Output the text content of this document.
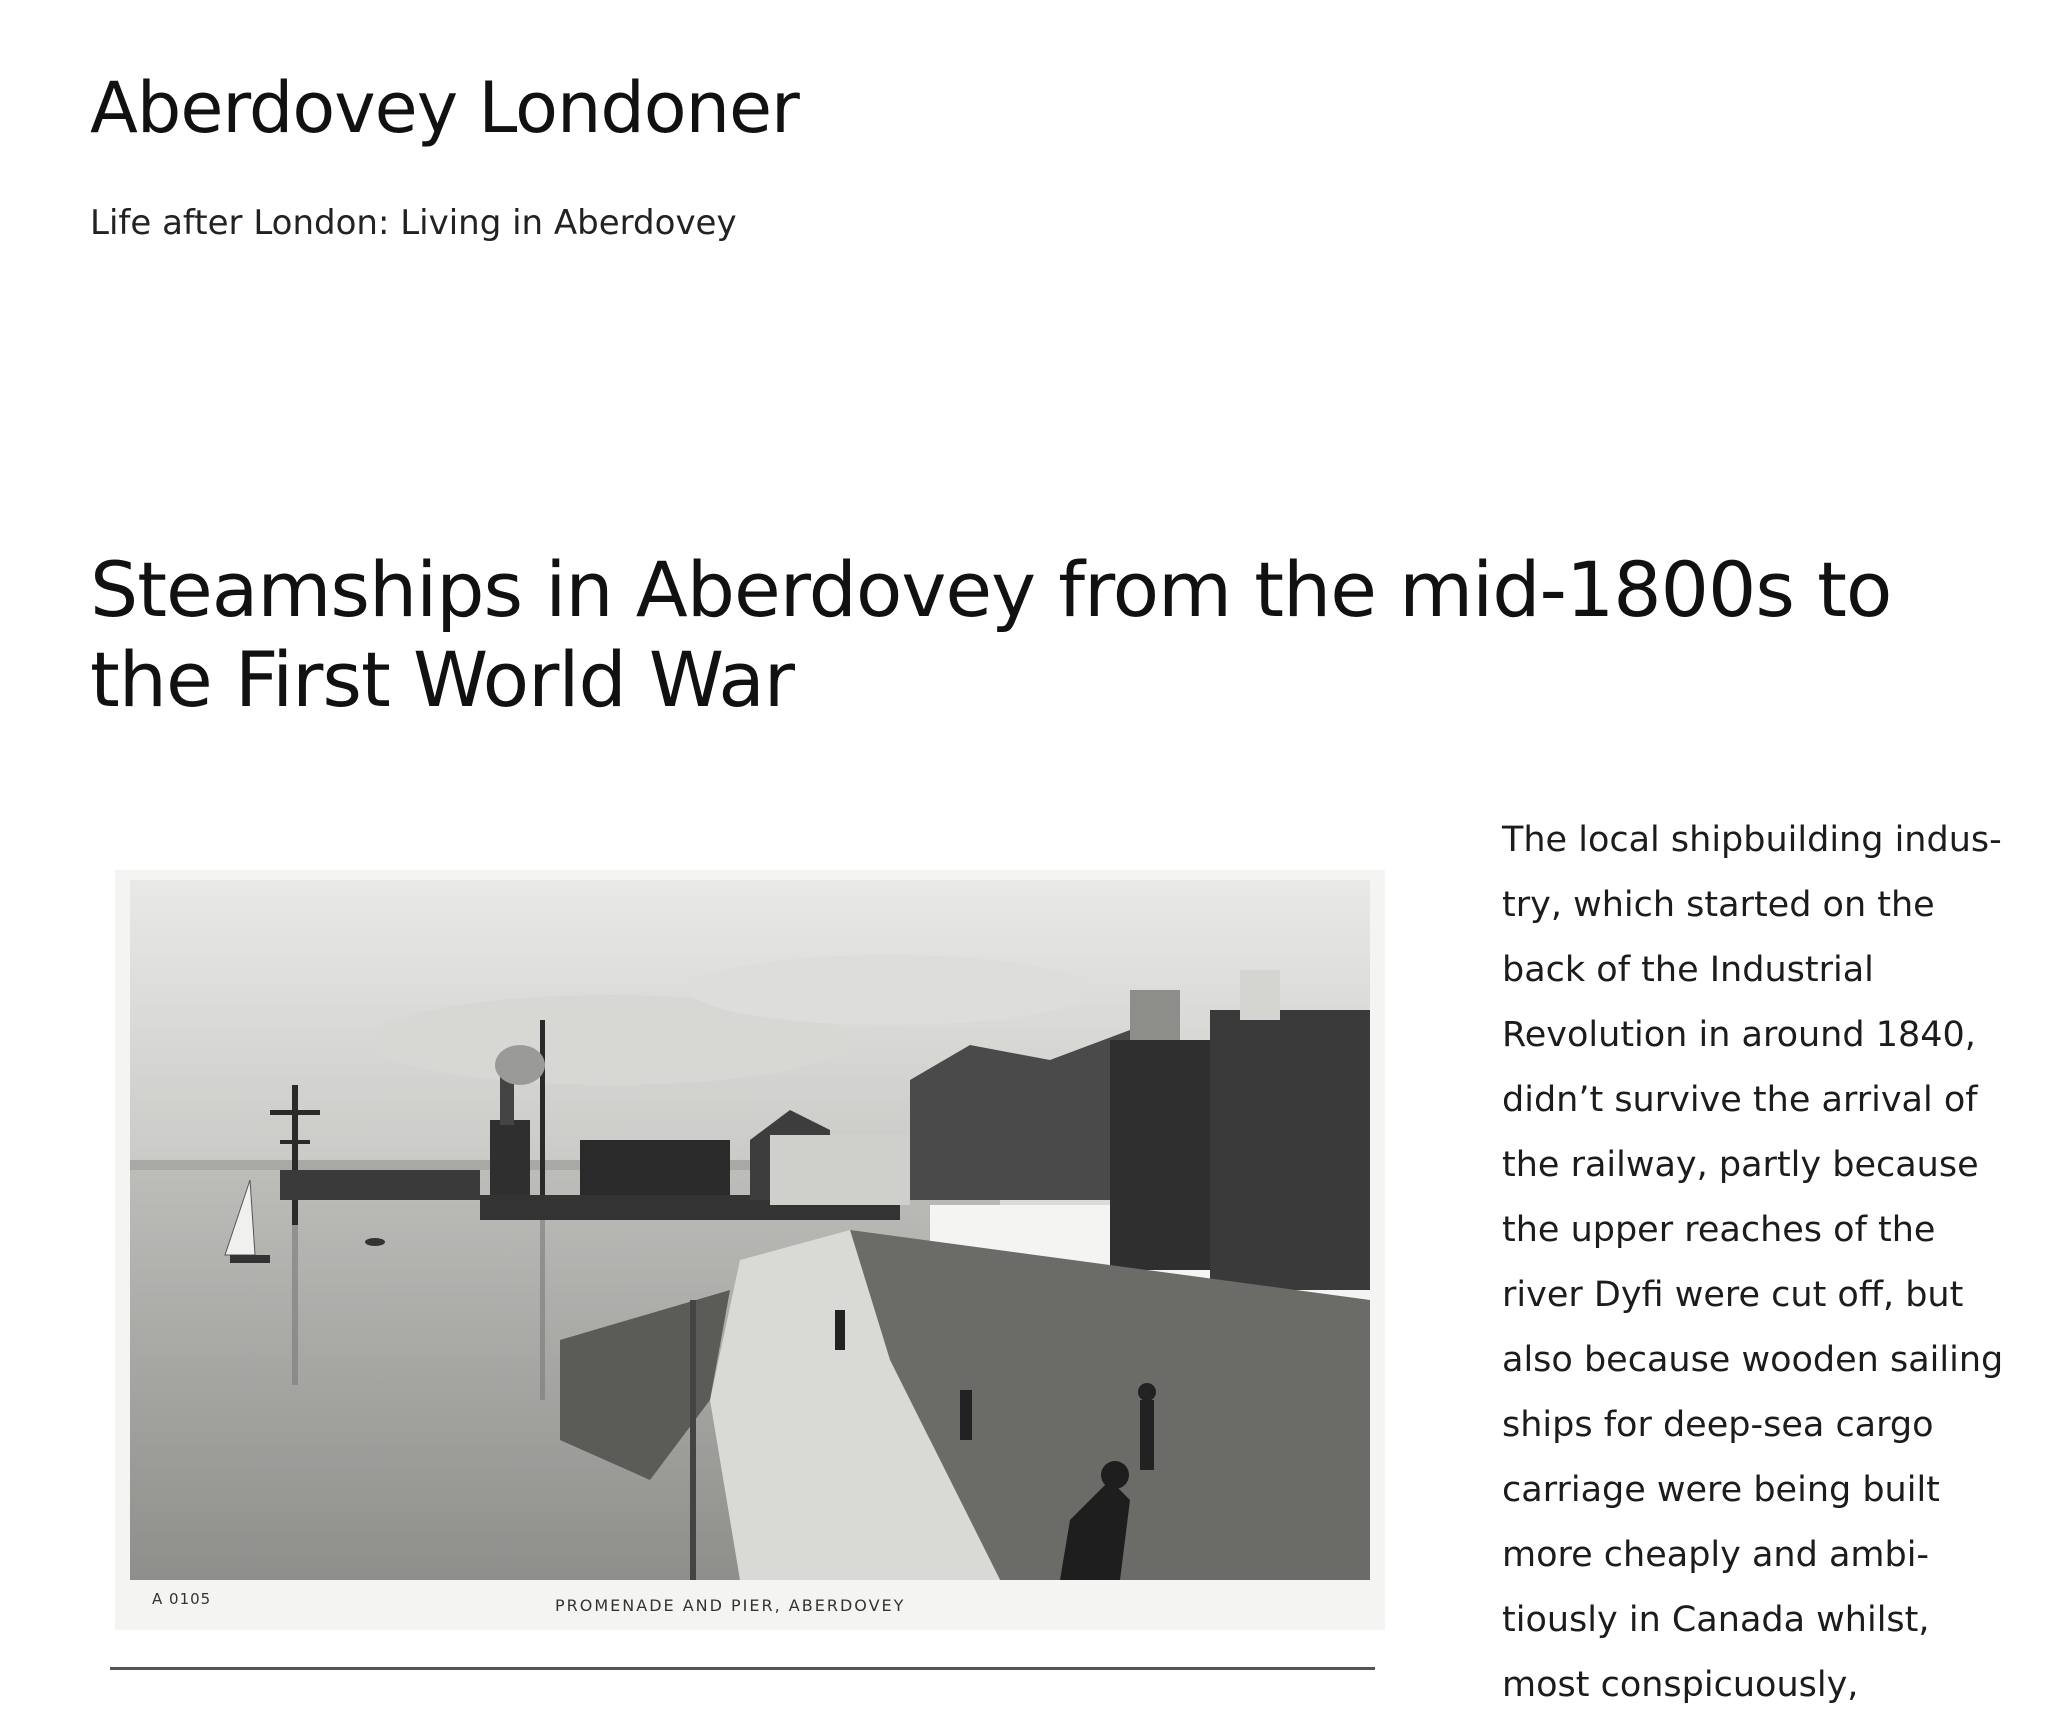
Aberdovey Londoner

Life after London: Living in Aberdovey

Steamships in Aberdovey from the mid-1800s to the First World War
A 0105	PROMENADE AND PIER, ABERDOVEY

The local shipbuilding indus-
try, which started on the
back of the Industrial
Revolution in around 1840,
didn’t survive the arrival of
the railway, partly because
the upper reaches of the
river Dyfi were cut off, but
also because wooden sailing
ships for deep-sea cargo
carriage were being built
more cheaply and ambi-
tiously in Canada whilst,
most conspicuously,
